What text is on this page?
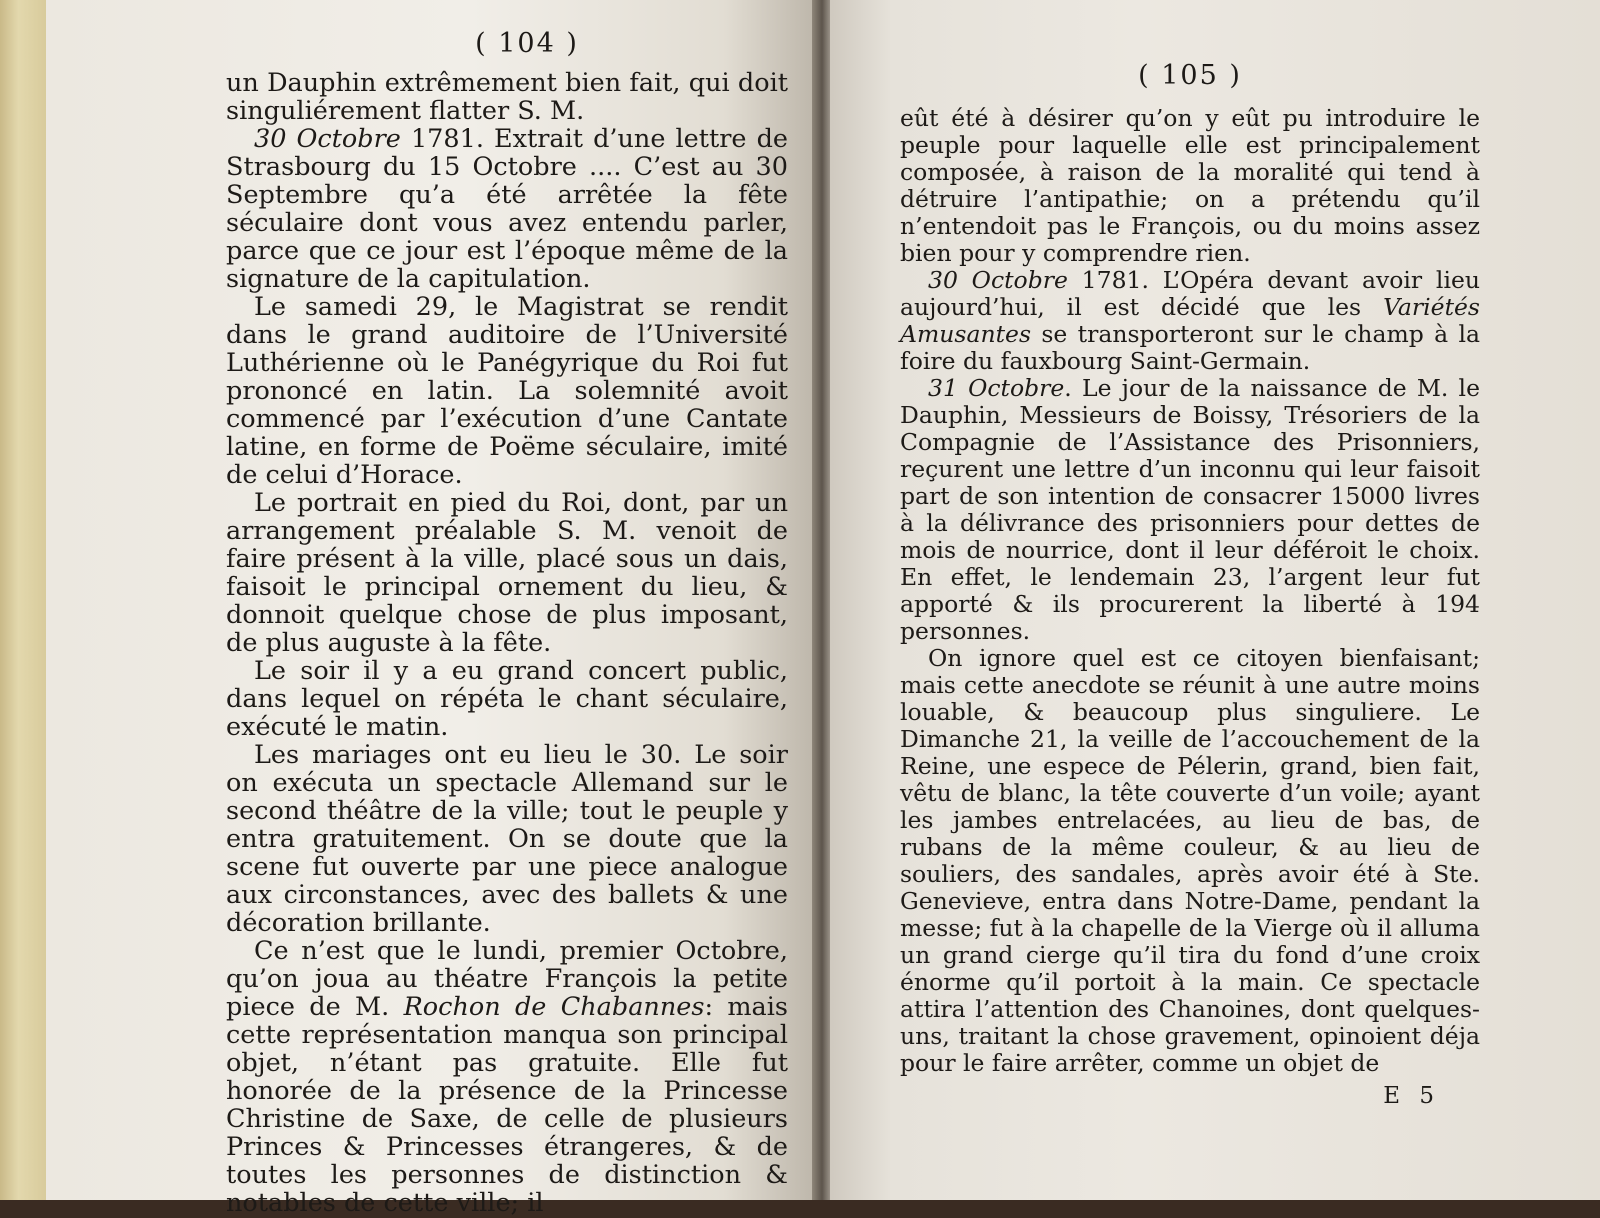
( 104 )

un Dauphin extrêmement bien fait, qui doit singuliérement flatter S. M.

30 Octobre 1781. Extrait d’une lettre de Strasbourg du 15 Octobre .... C’est au 30 Septembre qu’a été arrêtée la fête séculaire dont vous avez entendu parler, parce que ce jour est l’époque même de la signature de la capitulation.

Le samedi 29, le Magistrat se rendit dans le grand auditoire de l’Université Luthérienne où le Panégyrique du Roi fut prononcé en latin. La solemnité avoit commencé par l’exécution d’une Cantate latine, en forme de Poëme séculaire, imité de celui d’Horace.

Le portrait en pied du Roi, dont, par un arrangement préalable S. M. venoit de faire présent à la ville, placé sous un dais, faisoit le principal ornement du lieu, & donnoit quelque chose de plus imposant, de plus auguste à la fête.

Le soir il y a eu grand concert public, dans lequel on répéta le chant séculaire, exécuté le matin.

Les mariages ont eu lieu le 30. Le soir on exécuta un spectacle Allemand sur le second théâtre de la ville; tout le peuple y entra gratuitement. On se doute que la scene fut ouverte par une piece analogue aux circonstances, avec des ballets & une décoration brillante.

Ce n’est que le lundi, premier Octobre, qu’on joua au théatre François la petite piece de M. Rochon de Chabannes: mais cette représentation manqua son principal objet, n’étant pas gratuite. Elle fut honorée de la présence de la Princesse Christine de Saxe, de celle de plusieurs Princes & Princesses étrangeres, & de toutes les personnes de distinction & notables de cette ville; il

( 105 )

eût été à désirer qu’on y eût pu introduire le peuple pour laquelle elle est principalement composée, à raison de la moralité qui tend à détruire l’antipathie; on a prétendu qu’il n’entendoit pas le François, ou du moins assez bien pour y comprendre rien.

30 Octobre 1781. L’Opéra devant avoir lieu aujourd’hui, il est décidé que les Variétés Amusantes se transporteront sur le champ à la foire du fauxbourg Saint-Germain.

31 Octobre. Le jour de la naissance de M. le Dauphin, Messieurs de Boissy, Trésoriers de la Compagnie de l’Assistance des Prisonniers, reçurent une lettre d’un inconnu qui leur faisoit part de son intention de consacrer 15000 livres à la délivrance des prisonniers pour dettes de mois de nourrice, dont il leur déféroit le choix. En effet, le lendemain 23, l’argent leur fut apporté & ils procurerent la liberté à 194 personnes.

On ignore quel est ce citoyen bienfaisant; mais cette anecdote se réunit à une autre moins louable, & beaucoup plus singuliere. Le Dimanche 21, la veille de l’accouchement de la Reine, une espece de Pélerin, grand, bien fait, vêtu de blanc, la tête couverte d’un voile; ayant les jambes entrelacées, au lieu de bas, de rubans de la même couleur, & au lieu de souliers, des sandales, après avoir été à Ste. Genevieve, entra dans Notre-Dame, pendant la messe; fut à la chapelle de la Vierge où il alluma un grand cierge qu’il tira du fond d’une croix énorme qu’il portoit à la main. Ce spectacle attira l’attention des Chanoines, dont quelques-uns, traitant la chose gravement, opinoient déja pour le faire arrêter, comme un objet de

E 5
